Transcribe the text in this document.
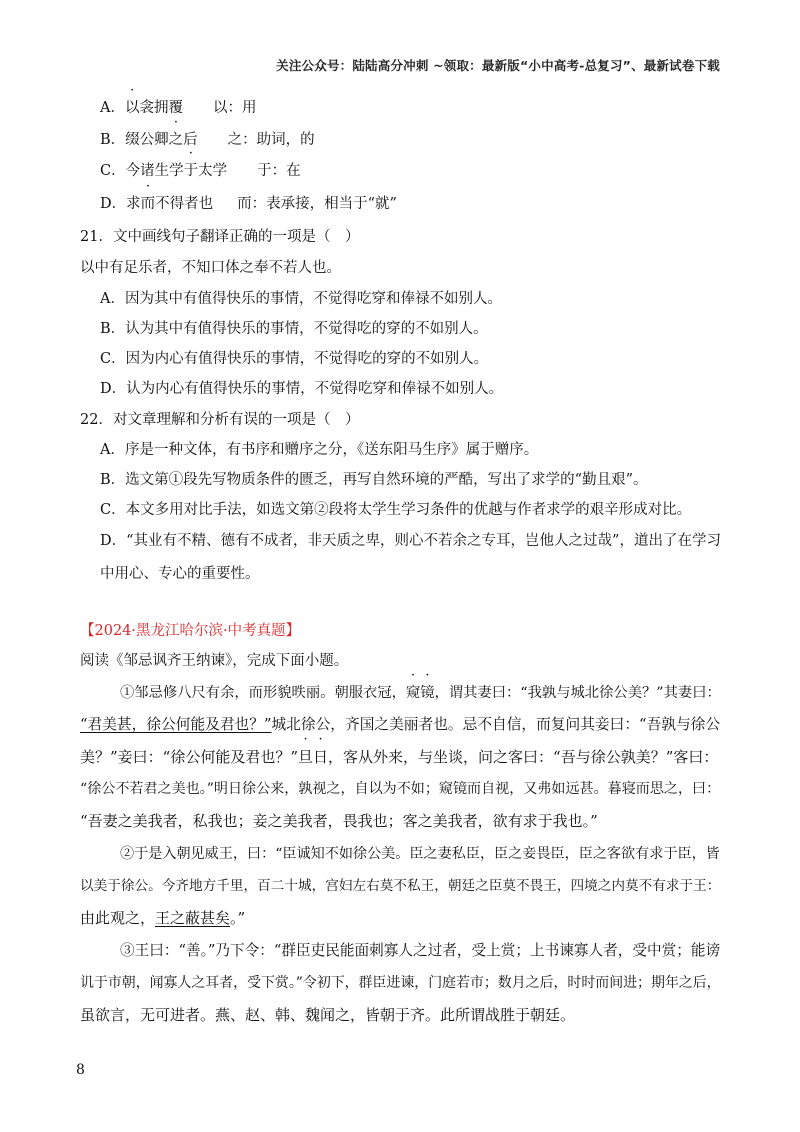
关注公众号：陆陆高分冲刺 ~领取：最新版“小中高考-总复习”、最新试卷下载
A．以衾拥覆 以：用
B．缀公卿之后 之：助词，的
C．今诸生学于太学 于：在
D．求而不得者也 而：表承接，相当于“就”
21．文中画线句子翻译正确的一项是（　）
以中有足乐者，不知口体之奉不若人也。
A．因为其中有值得快乐的事情，不觉得吃穿和俸禄不如别人。
B．认为其中有值得快乐的事情，不觉得吃的穿的不如别人。
C．因为内心有值得快乐的事情，不觉得吃的穿的不如别人。
D．认为内心有值得快乐的事情，不觉得吃穿和俸禄不如别人。
22．对文章理解和分析有误的一项是（　）
A．序是一种文体，有书序和赠序之分，《送东阳马生序》属于赠序。
B．选文第①段先写物质条件的匮乏，再写自然环境的严酷，写出了求学的“勤且艰”。
C．本文多用对比手法，如选文第②段将太学生学习条件的优越与作者求学的艰辛形成对比。
D．“其业有不精、德有不成者，非天质之卑，则心不若余之专耳，岂他人之过哉”，道出了在学习
中用心、专心的重要性。
【2024·黑龙江哈尔滨·中考真题】
阅读《邹忌讽齐王纳谏》，完成下面小题。
①邹忌修八尺有余，而形貌昳丽。朝服衣冠，窥镜，谓其妻曰：“我孰与城北徐公美？”其妻曰：
“君美甚，徐公何能及君也？”城北徐公，齐国之美丽者也。忌不自信，而复问其妾曰：“吾孰与徐公
美？”妾曰：“徐公何能及君也？”旦日，客从外来，与坐谈，问之客曰：“吾与徐公孰美？”客曰：
“徐公不若君之美也。”明日徐公来，孰视之，自以为不如；窥镜而自视，又弗如远甚。暮寝而思之，曰：
“吾妻之美我者，私我也；妾之美我者，畏我也；客之美我者，欲有求于我也。”
②于是入朝见威王，曰：“臣诚知不如徐公美。臣之妻私臣，臣之妾畏臣，臣之客欲有求于臣，皆
以美于徐公。今齐地方千里，百二十城，宫妇左右莫不私王，朝廷之臣莫不畏王，四境之内莫不有求于王：
由此观之，王之蔽甚矣。”
③王曰：“善。”乃下令：“群臣吏民能面刺寡人之过者，受上赏；上书谏寡人者，受中赏；能谤
讥于市朝，闻寡人之耳者，受下赏。”令初下，群臣进谏，门庭若市；数月之后，时时而间进；期年之后，
虽欲言，无可进者。燕、赵、韩、魏闻之，皆朝于齐。此所谓战胜于朝廷。
8
